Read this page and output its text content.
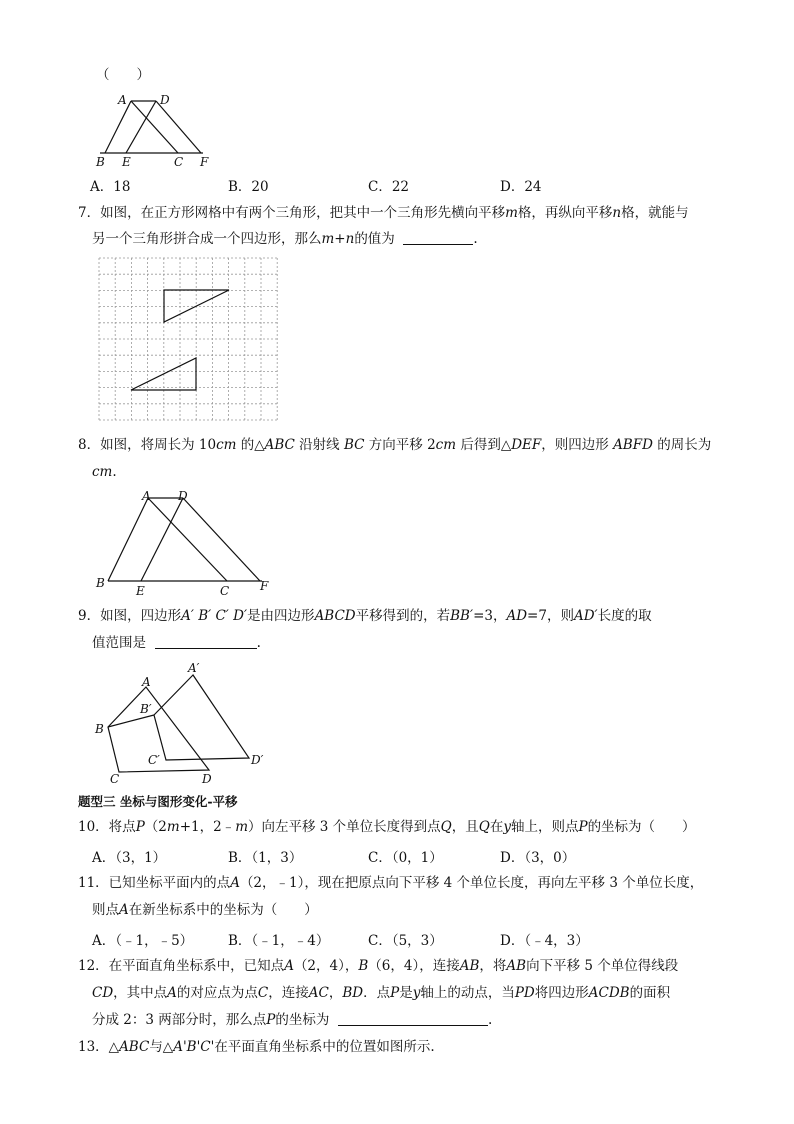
（　　）
A	D
B E	C F
A．18	B．20	C．22	D．24
7．如图，在正方形网格中有两个三角形，把其中一个三角形先横向平移m格，再纵向平移n格，就能与
另一个三角形拼合成一个四边形，那么m+n的值为	.
8．如图，将周长为 10cm 的△ABC 沿射线 BC 方向平移 2cm 后得到△DEF，则四边形 ABFD 的周长为
cm.
A D
B
E	C	F
9．如图，四边形A′ B′ C′ D′是由四边形ABCD平移得到的，若BB′=3，AD=7，则AD′长度的取
值范围是	.
A′
A
B′
B
C′	D′
C	D
题型三 坐标与图形变化-平移
10．将点P（2m+1，2﹣m）向左平移 3 个单位长度得到点Q，且Q在y轴上，则点P的坐标为（　　）
A．（3，1）	B．（1，3）	C．（0，1）	D．（3，0）
11．已知坐标平面内的点A（2，﹣1），现在把原点向下平移 4 个单位长度，再向左平移 3 个单位长度，
则点A在新坐标系中的坐标为（　　）
A．（﹣1，﹣5）	B．（﹣1，﹣4）	C．（5，3）	D．（﹣4，3）
12．在平面直角坐标系中，已知点A（2，4），B（6，4），连接AB，将AB向下平移 5 个单位得线段
CD，其中点A的对应点为点C，连接AC，BD．点P是y轴上的动点，当PD将四边形ACDB的面积
分成 2：3 两部分时，那么点P的坐标为	.
13．△ABC与△A'B'C'在平面直角坐标系中的位置如图所示.
